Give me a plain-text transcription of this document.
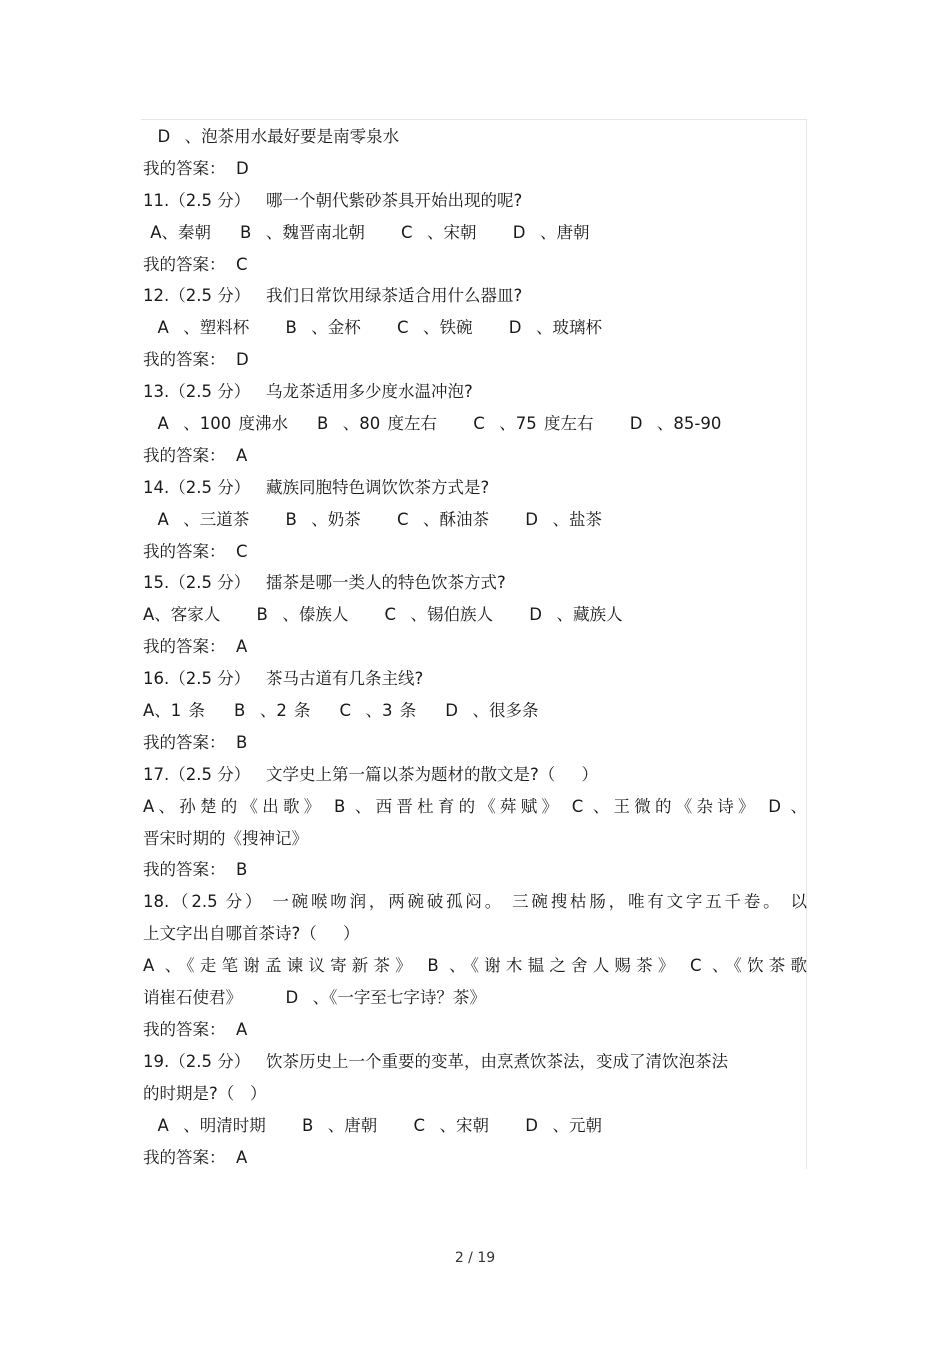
D  、泡茶用水最好要是南零泉水
我的答案：  D
11.（2.5 分）   哪一个朝代紫砂茶具开始出现的呢?
A、秦朝    B  、魏晋南北朝     C  、宋朝     D  、唐朝
我的答案：  C
12.（2.5 分）   我们日常饮用绿茶适合用什么器皿?
A  、塑料杯     B  、金杯     C  、铁碗     D  、玻璃杯
我的答案：  D
13.（2.5 分）   乌龙茶适用多少度水温冲泡?
A  、100 度沸水    B  、80 度左右     C  、75 度左右     D  、85-90
我的答案：  A
14.（2.5 分）   藏族同胞特色调饮饮茶方式是?
A  、三道茶     B  、奶茶     C  、酥油茶     D  、盐茶
我的答案：  C
15.（2.5 分）   擂茶是哪一类人的特色饮茶方式?
A、客家人     B  、傣族人     C  、锡伯族人     D  、藏族人
我的答案：  A
16.（2.5 分）   茶马古道有几条主线?
A、1 条    B  、2 条    C  、3 条    D  、很多条
我的答案：  B
17.（2.5 分）   文学史上第一篇以茶为题材的散文是?（     ）
A、孙楚的《出歌》 B 、西晋杜育的《荈赋》 C 、王微的《杂诗》 D 、
晋宋时期的《搜神记》
我的答案：  B
18.（2.5 分） 一碗喉吻润，两碗破孤闷。 三碗搜枯肠，唯有文字五千卷。 以
上文字出自哪首茶诗?（     ）
A 、《走笔谢孟谏议寄新茶》 B 、《谢木韫之舍人赐茶》 C 、《饮茶歌
诮崔石使君》      D  、《一字至七字诗？茶》
我的答案：  A
19.（2.5 分）   饮茶历史上一个重要的变革，由烹煮饮茶法，变成了清饮泡茶法
的时期是?（   ）
A  、明清时期     B  、唐朝     C  、宋朝     D  、元朝
我的答案：  A
2 / 19
